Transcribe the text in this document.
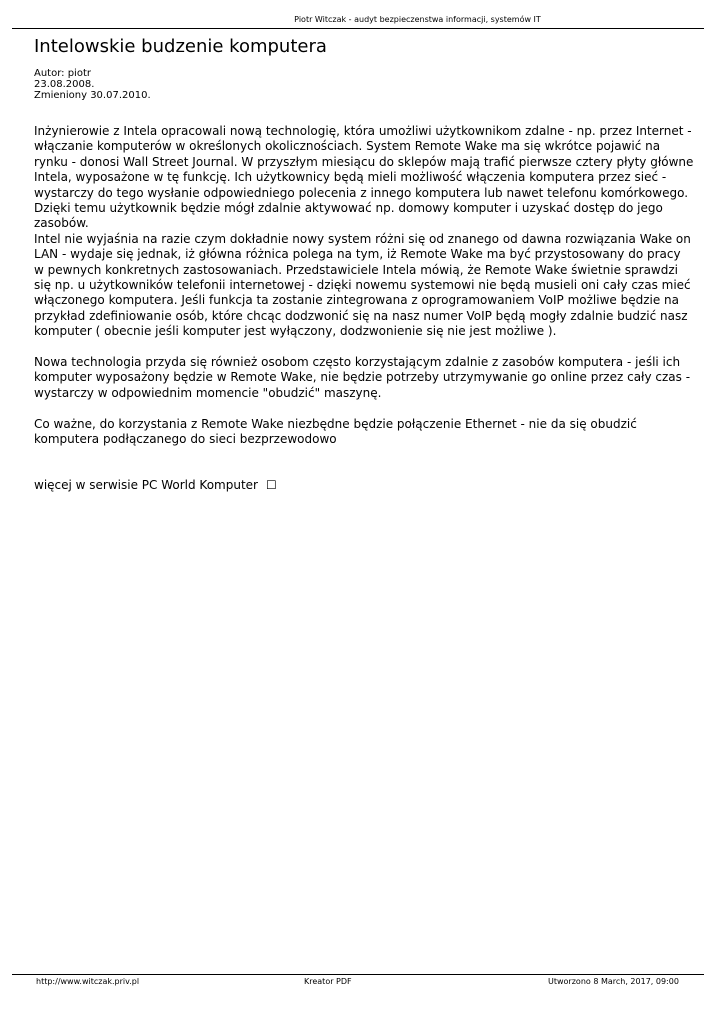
Piotr Witczak - audyt bezpieczenstwa informacji, systemów IT
Intelowskie budzenie komputera
Autor: piotr
23.08.2008.
Zmieniony 30.07.2010.

Inżynierowie z Intela opracowali nową technologię, która umożliwi użytkownikom zdalne - np. przez Internet - włączanie komputerów w określonych okolicznościach. System Remote Wake ma się wkrótce pojawić na rynku - donosi Wall Street Journal. W przyszłym miesiącu do sklepów mają trafić pierwsze cztery płyty główne Intela, wyposażone w tę funkcję. Ich użytkownicy będą mieli możliwość włączenia komputera przez sieć - wystarczy do tego wysłanie odpowiedniego polecenia z innego komputera lub nawet telefonu komórkowego. Dzięki temu użytkownik będzie mógł zdalnie aktywować np. domowy komputer i uzyskać dostęp do jego zasobów.

Intel nie wyjaśnia na razie czym dokładnie nowy system różni się od znanego od dawna rozwiązania Wake on LAN - wydaje się jednak, iż główna różnica polega na tym, iż Remote Wake ma być przystosowany do pracy w pewnych konkretnych zastosowaniach. Przedstawiciele Intela mówią, że Remote Wake świetnie sprawdzi się np. u użytkowników telefonii internetowej - dzięki nowemu systemowi nie będą musieli oni cały czas mieć włączonego komputera. Jeśli funkcja ta zostanie zintegrowana z oprogramowaniem VoIP możliwe będzie na przykład zdefiniowanie osób, które chcąc dodzwonić się na nasz numer VoIP będą mogły zdalnie budzić nasz komputer ( obecnie jeśli komputer jest wyłączony, dodzwonienie się nie jest możliwe ).

Nowa technologia przyda się również osobom często korzystającym zdalnie z zasobów komputera - jeśli ich komputer wyposażony będzie w Remote Wake, nie będzie potrzeby utrzymywanie go online przez cały czas - wystarczy w odpowiednim momencie "obudzić" maszynę.

Co ważne, do korzystania z Remote Wake niezbędne będzie połączenie Ethernet - nie da się obudzić komputera podłączanego do sieci bezprzewodowo

więcej w serwisie PC World Komputer ☐
http://www.witczak.priv.pl	Kreator PDF	Utworzono 8 March, 2017, 09:00
